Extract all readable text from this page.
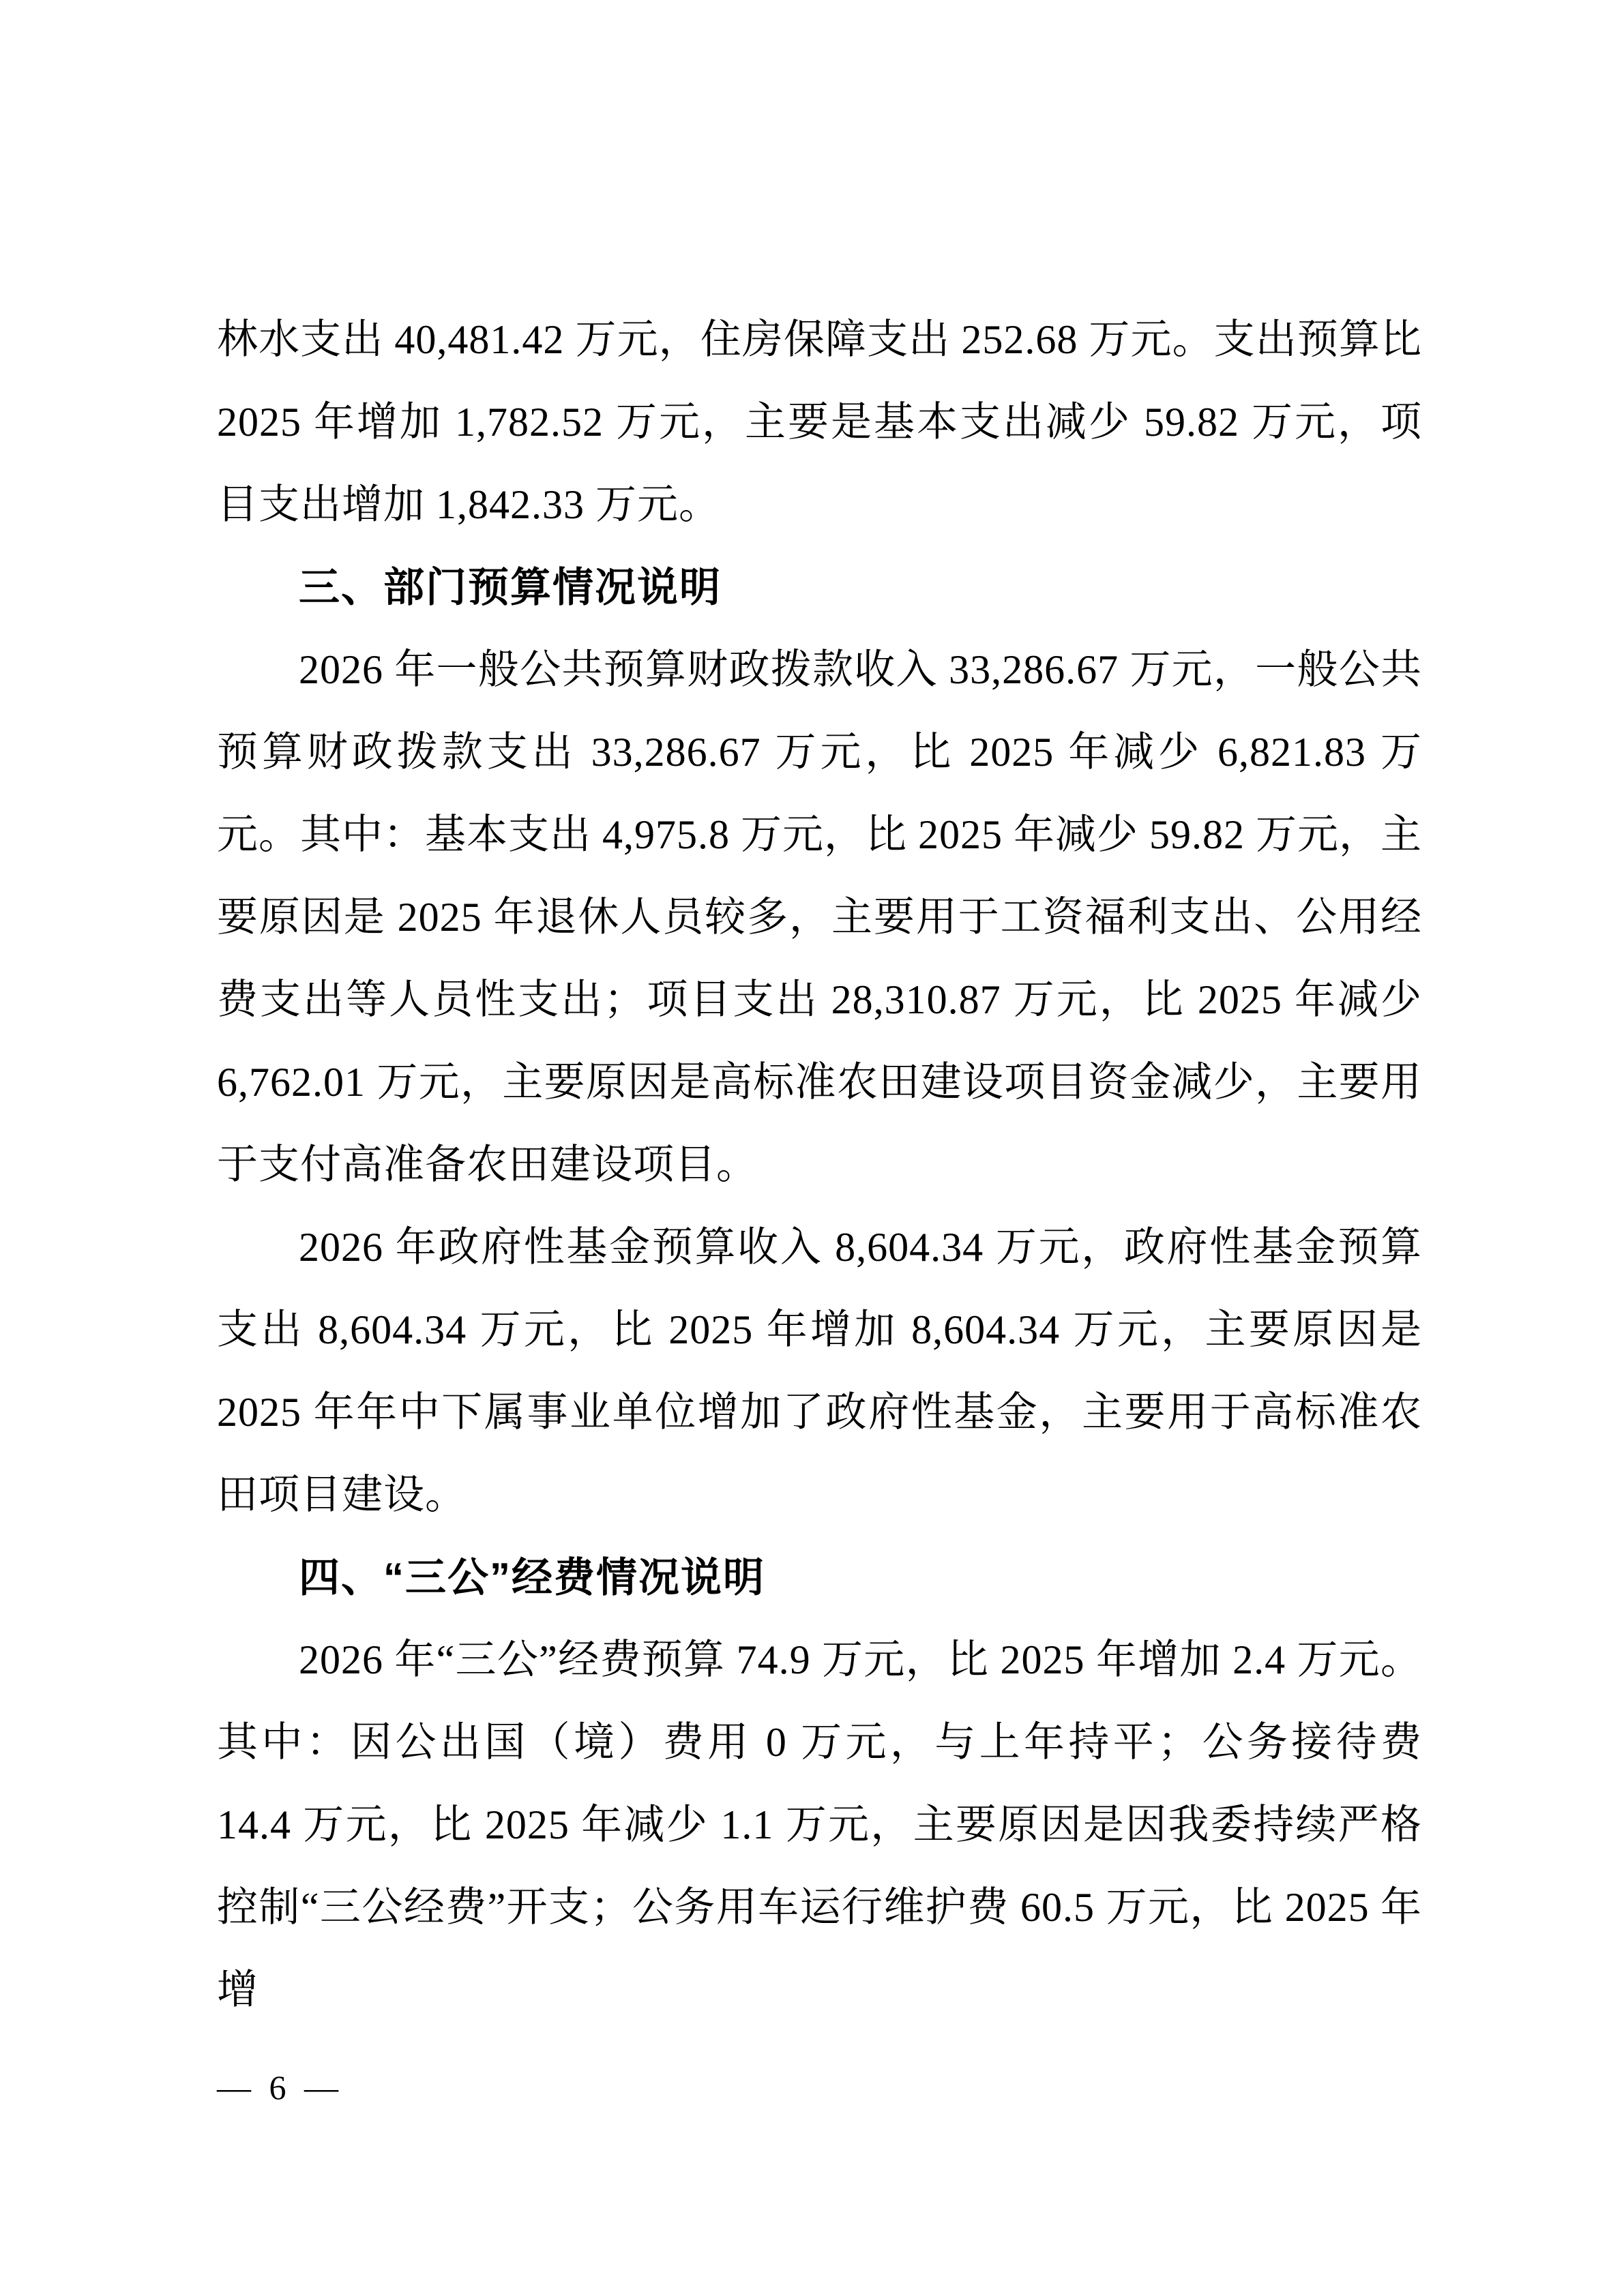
林水支出 40,481.42 万元，住房保障支出 252.68 万元。支出预算比 2025 年增加 1,782.52 万元，主要是基本支出减少 59.82 万元，项目支出增加 1,842.33 万元。

三、部门预算情况说明

2026 年一般公共预算财政拨款收入 33,286.67 万元，一般公共预算财政拨款支出 33,286.67 万元，比 2025 年减少 6,821.83 万元。其中：基本支出 4,975.8 万元，比 2025 年减少 59.82 万元，主要原因是 2025 年退休人员较多，主要用于工资福利支出、公用经费支出等人员性支出；项目支出 28,310.87 万元，比 2025 年减少 6,762.01 万元，主要原因是高标准农田建设项目资金减少，主要用于支付高准备农田建设项目。

2026 年政府性基金预算收入 8,604.34 万元，政府性基金预算支出 8,604.34 万元，比 2025 年增加 8,604.34 万元，主要原因是 2025 年年中下属事业单位增加了政府性基金，主要用于高标准农田项目建设。

四、“三公”经费情况说明

2026 年“三公”经费预算 74.9 万元，比 2025 年增加 2.4 万元。其中：因公出国（境）费用 0 万元，与上年持平；公务接待费 14.4 万元，比 2025 年减少 1.1 万元，主要原因是因我委持续严格控制“三公经费”开支；公务用车运行维护费 60.5 万元，比 2025 年增

— 6 —
